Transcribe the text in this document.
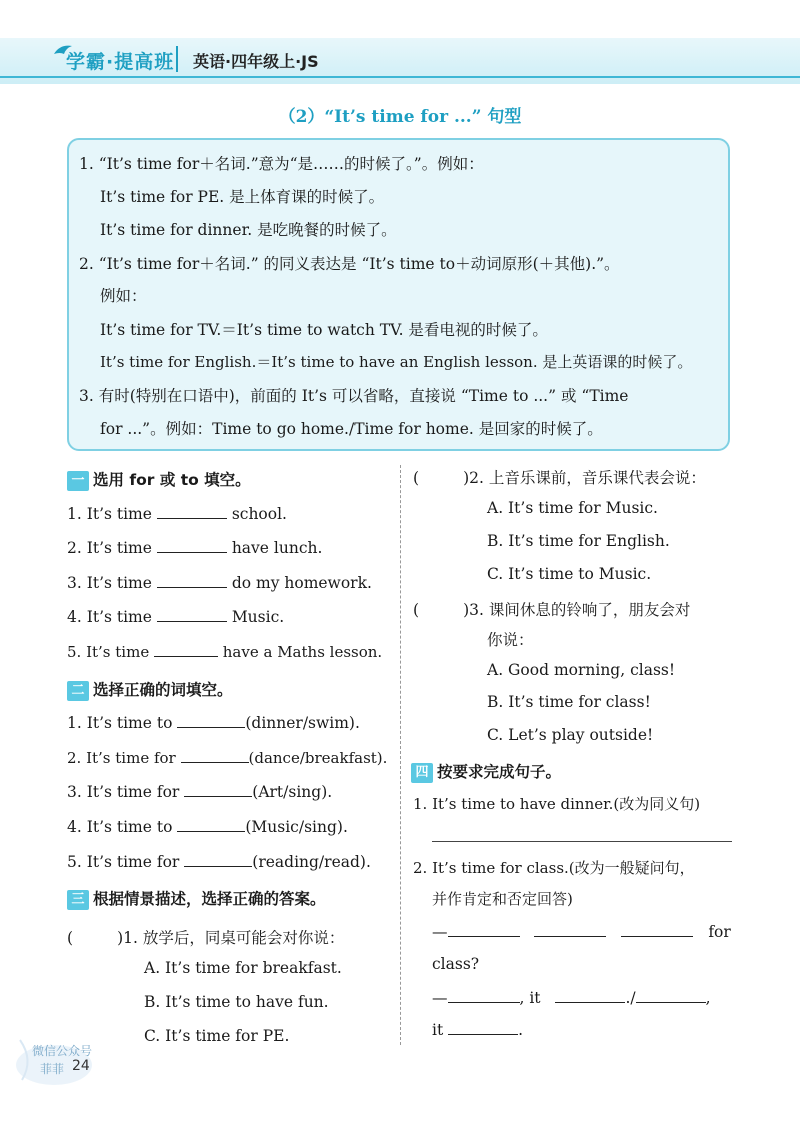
学霸·提高班 英语·四年级上·JS
（2）“It’s time for ...” 句型
1. “It’s time for＋名词.”意为“是……的时候了。”。例如：
It’s time for PE. 是上体育课的时候了。
It’s time for dinner. 是吃晚餐的时候了。
2. “It’s time for＋名词.” 的同义表达是 “It’s time to＋动词原形(＋其他).”。
例如：
It’s time for TV.＝It’s time to watch TV. 是看电视的时候了。
It’s time for English.＝It’s time to have an English lesson. 是上英语课的时候了。
3. 有时(特别在口语中)，前面的 It’s 可以省略，直接说 “Time to ...” 或 “Time
for ...”。例如：Time to go home./Time for home. 是回家的时候了。
一 选用 for 或 to 填空。
1. It’s time	school.
2. It’s time	have lunch.
3. It’s time	do my homework.
4. It’s time	Music.
5. It’s time	have a Maths lesson.
二 选择正确的词填空。
1. It’s time to	(dinner/swim).
2. It’s time for	(dance/breakfast).
3. It’s time for	(Art/sing).
4. It’s time to	(Music/sing).
5. It’s time for	(reading/read).
三 根据情景描述，选择正确的答案。
(	)1. 放学后，同桌可能会对你说：
A. It’s time for breakfast.
B. It’s time to have fun.
C. It’s time for PE.
(	)2. 上音乐课前，音乐课代表会说：
A. It’s time for Music.
B. It’s time for English.
C. It’s time to Music.
(	)3. 课间休息的铃响了，朋友会对
你说：
A. Good morning, class!
B. It’s time for class!
C. Let’s play outside!
四 按要求完成句子。
1. It’s time to have dinner.(改为同义句)
2. It’s time for class.(改为一般疑问句，
并作肯定和否定回答)
—	for
class?
—	, it	./	,
it	.
微信公众号
菲菲 24
